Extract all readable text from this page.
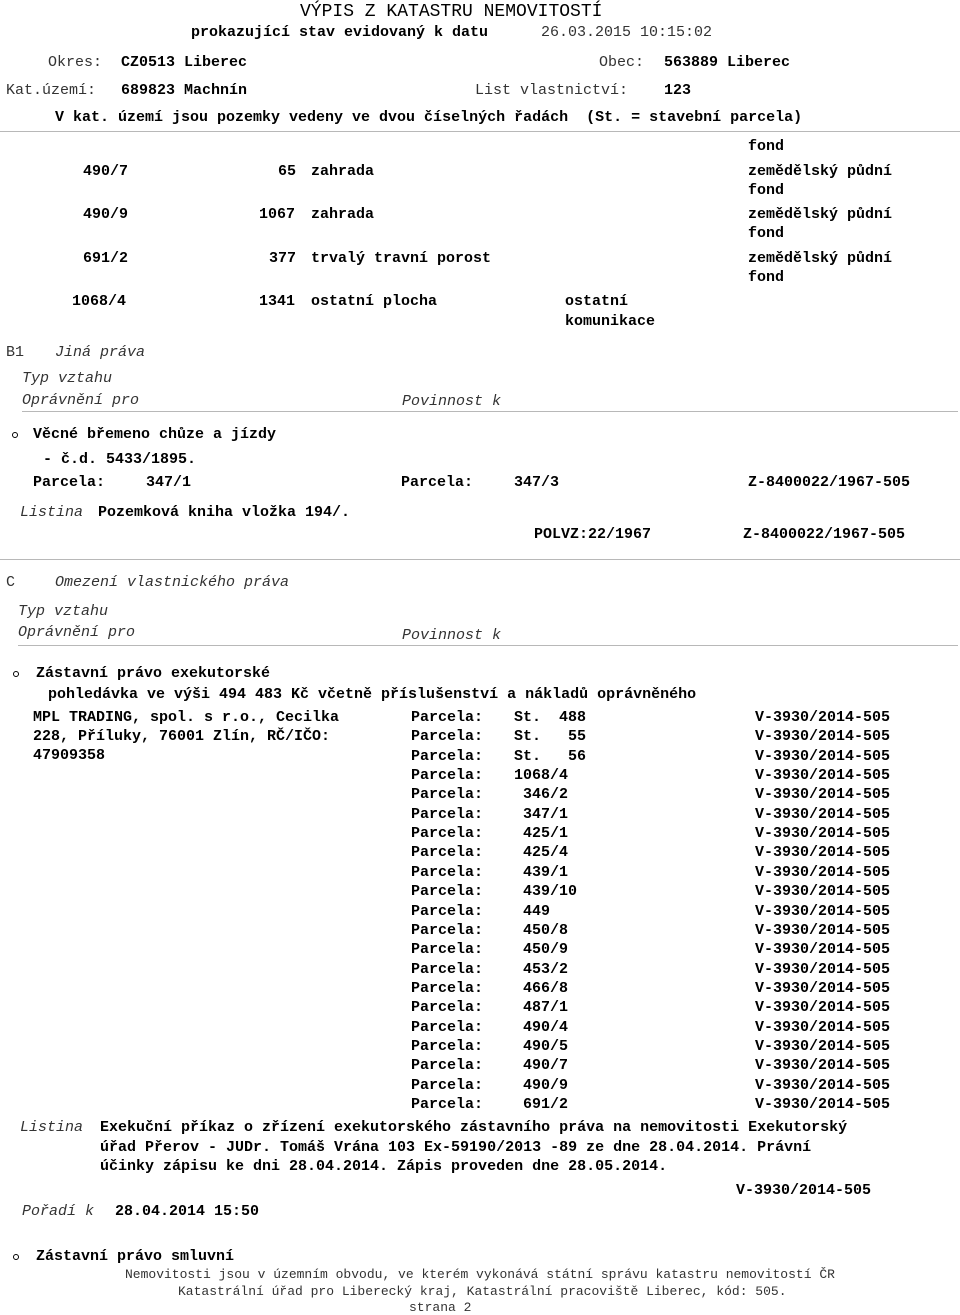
VÝPIS Z KATASTRU NEMOVITOSTÍ
prokazující stav evidovaný k datu	26.03.2015 10:15:02
Okres: CZ0513 Liberec	Obec: 563889 Liberec
Kat.území: 689823 Machnín	List vlastnictví: 123
V kat. území jsou pozemky vedeny ve dvou číselných řadách  (St. = stavební parcela)
fond
490/7	65 zahrada	zemědělský půdní
fond
490/9	1067 zahrada	zemědělský půdní
fond
691/2	377 trvalý travní porost	zemědělský půdní
fond
1068/4	1341 ostatní plocha	ostatní
komunikace
B1 Jiná práva
Typ vztahu
Oprávnění pro	Povinnost k
Věcné břemeno chůze a jízdy
- č.d. 5433/1895.
Parcela:	347/1	Parcela:	347/3	Z-8400022/1967-505
Listina Pozemková kniha vložka 194/.
POLVZ:22/1967	Z-8400022/1967-505
C	Omezení vlastnického práva
Typ vztahu
Oprávnění pro	Povinnost k
Zástavní právo exekutorské
pohledávka ve výši 494 483 Kč včetně příslušenství a nákladů oprávněného
MPL TRADING, spol. s r.o., Cecilka
228, Příluky, 76001 Zlín, RČ/IČO:
47909358
Parcela: St.  488	V-3930/2014-505
Parcela: St.   55	V-3930/2014-505
Parcela: St.   56	V-3930/2014-505
Parcela: 1068/4	V-3930/2014-505
Parcela: 346/2	V-3930/2014-505
Parcela: 347/1	V-3930/2014-505
Parcela: 425/1	V-3930/2014-505
Parcela: 425/4	V-3930/2014-505
Parcela: 439/1	V-3930/2014-505
Parcela: 439/10	V-3930/2014-505
Parcela: 449	V-3930/2014-505
Parcela: 450/8	V-3930/2014-505
Parcela: 450/9	V-3930/2014-505
Parcela: 453/2	V-3930/2014-505
Parcela: 466/8	V-3930/2014-505
Parcela: 487/1	V-3930/2014-505
Parcela: 490/4	V-3930/2014-505
Parcela: 490/5	V-3930/2014-505
Parcela: 490/7	V-3930/2014-505
Parcela: 490/9	V-3930/2014-505
Parcela: 691/2	V-3930/2014-505
Listina Exekuční příkaz o zřízení exekutorského zástavního práva na nemovitosti Exekutorský
úřad Přerov - JUDr. Tomáš Vrána 103 Ex-59190/2013 -89 ze dne 28.04.2014. Právní
účinky zápisu ke dni 28.04.2014. Zápis proveden dne 28.05.2014.
V-3930/2014-505
Pořadí k 28.04.2014 15:50
Zástavní právo smluvní
Nemovitosti jsou v územním obvodu, ve kterém vykonává státní správu katastru nemovitostí ČR
Katastrální úřad pro Liberecký kraj, Katastrální pracoviště Liberec, kód: 505.
strana 2
